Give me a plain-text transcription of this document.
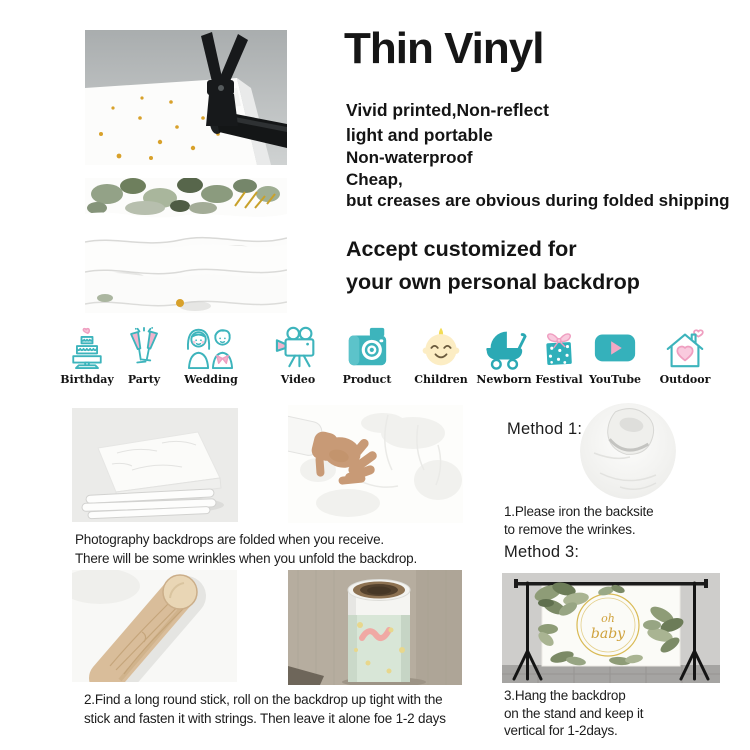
Thin Vinyl
Vivid printed,Non-reflect
light and portable
Non-waterproof
Cheap,
but creases are obvious during folded shipping
Accept customized for
your own personal backdrop
Birthday Party Wedding	Video Product Children Newborn Festival YouTube Outdoor
Photography backdrops are folded when you receive.
There will be some wrinkles when you unfold the backdrop.
Method 1:
1.Please iron the backsite
to remove the wrinkes.
Method 3:
2.Find a long round stick, roll on the backdrop up tight with the
stick and fasten it with strings. Then leave it alone foe 1-2 days
oh
baby
3.Hang the backdrop
on the stand and keep it
vertical for 1-2days.
